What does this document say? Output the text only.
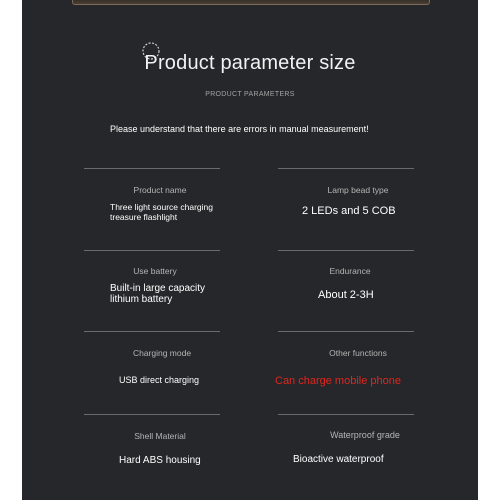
Product parameter size
PRODUCT PARAMETERS
Please understand that there are errors in manual measurement!
Product name
Three light source charging treasure flashlight
Lamp bead type
2 LEDs and 5 COB
Use battery
Built-in large capacity lithium battery
Endurance
About 2-3H
Charging mode
USB direct charging
Other functions
Can charge mobile phone
Shell Material
Hard ABS housing
Waterproof grade
Bioactive waterproof
